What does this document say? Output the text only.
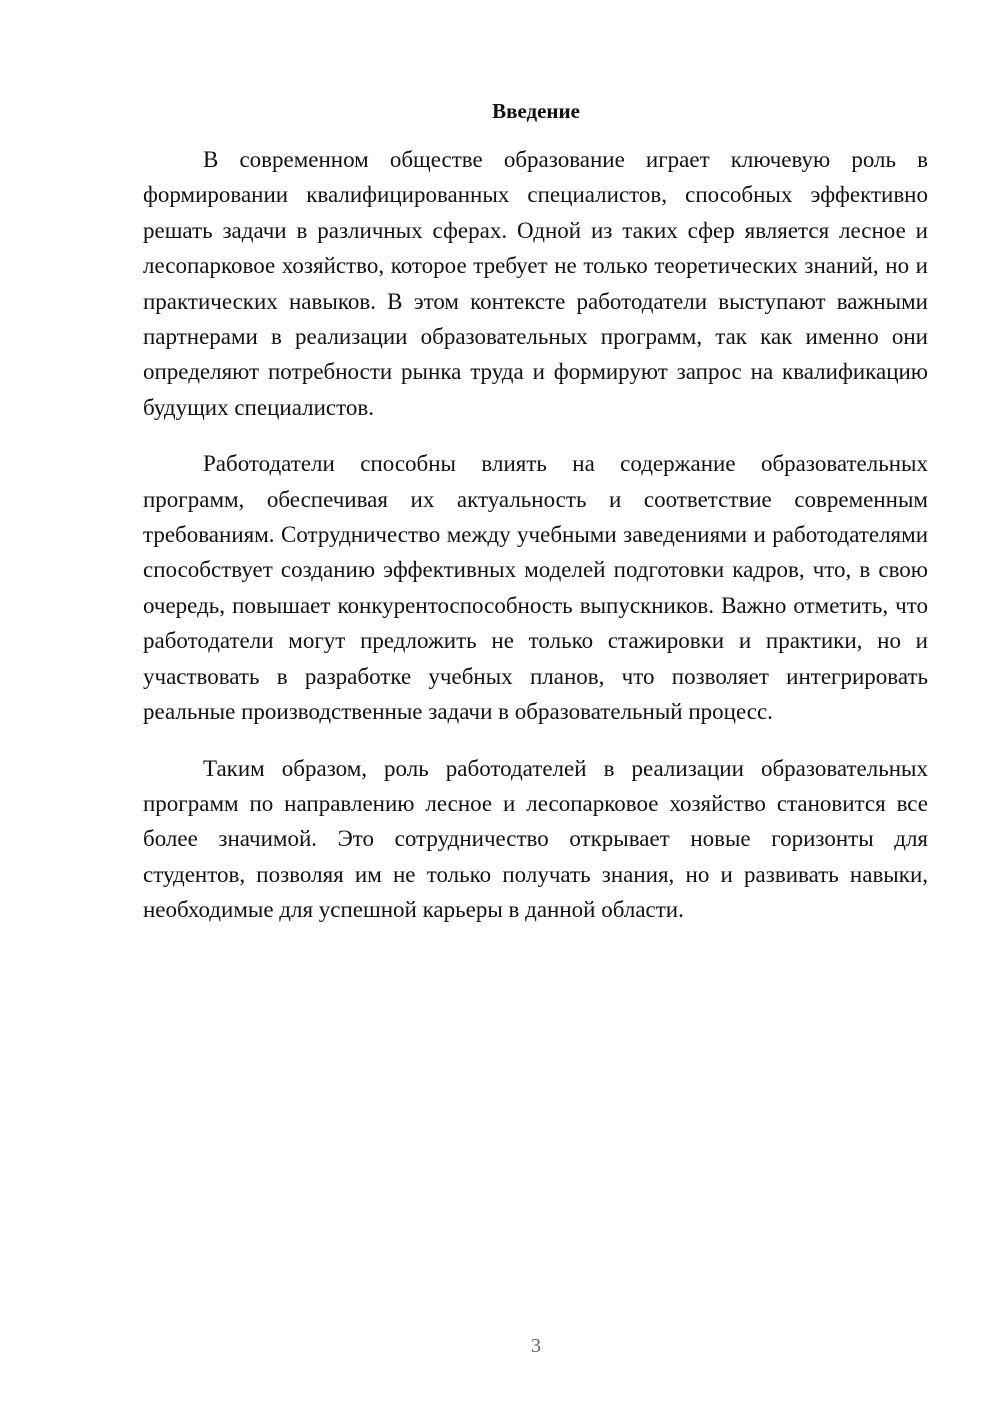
Введение

В современном обществе образование играет ключевую роль в формировании квалифицированных специалистов, способных эффективно решать задачи в различных сферах. Одной из таких сфер является лесное и лесопарковое хозяйство, которое требует не только теоретических знаний, но и практических навыков. В этом контексте работодатели выступают важными партнерами в реализации образовательных программ, так как именно они определяют потребности рынка труда и формируют запрос на квалификацию будущих специалистов.

Работодатели способны влиять на содержание образовательных программ, обеспечивая их актуальность и соответствие современным требованиям. Сотрудничество между учебными заведениями и работодателями способствует созданию эффективных моделей подготовки кадров, что, в свою очередь, повышает конкурентоспособность выпускников. Важно отметить, что работодатели могут предложить не только стажировки и практики, но и участвовать в разработке учебных планов, что позволяет интегрировать реальные производственные задачи в образовательный процесс.

Таким образом, роль работодателей в реализации образовательных программ по направлению лесное и лесопарковое хозяйство становится все более значимой. Это сотрудничество открывает новые горизонты для студентов, позволяя им не только получать знания, но и развивать навыки, необходимые для успешной карьеры в данной области.

3
